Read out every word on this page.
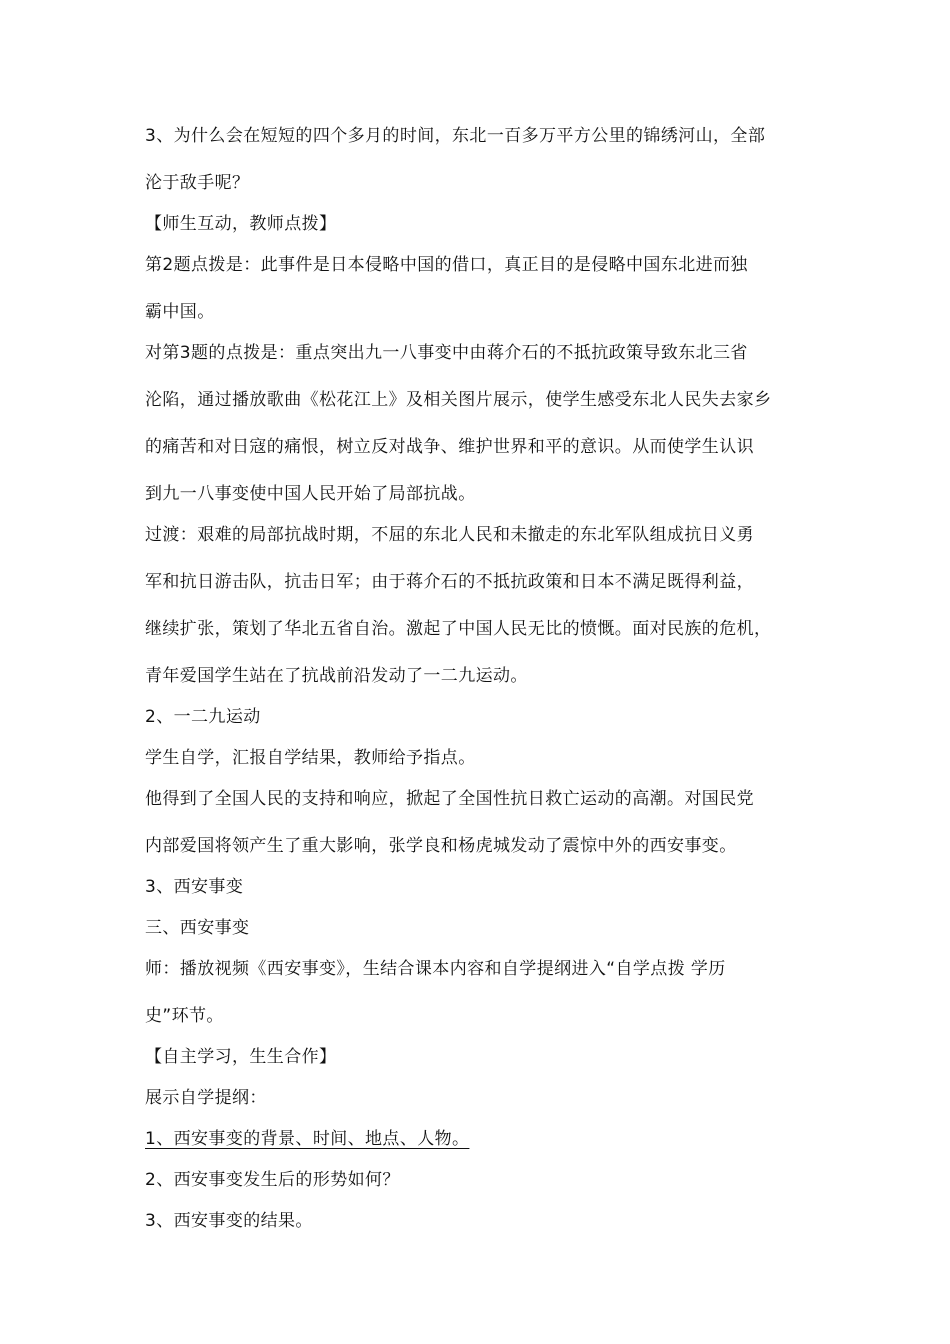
3、为什么会在短短的四个多月的时间，东北一百多万平方公里的锦绣河山，全部

沦于敌手呢？

【师生互动，教师点拨】

第2题点拨是：此事件是日本侵略中国的借口，真正目的是侵略中国东北进而独

霸中国。

对第3题的点拨是：重点突出九一八事变中由蒋介石的不抵抗政策导致东北三省

沦陷，通过播放歌曲《松花江上》及相关图片展示，使学生感受东北人民失去家乡

的痛苦和对日寇的痛恨，树立反对战争、维护世界和平的意识。从而使学生认识

到九一八事变使中国人民开始了局部抗战。

过渡：艰难的局部抗战时期，不屈的东北人民和未撤走的东北军队组成抗日义勇

军和抗日游击队，抗击日军；由于蒋介石的不抵抗政策和日本不满足既得利益，

继续扩张，策划了华北五省自治。激起了中国人民无比的愤慨。面对民族的危机，

青年爱国学生站在了抗战前沿发动了一二九运动。

2、一二九运动

学生自学，汇报自学结果，教师给予指点。

他得到了全国人民的支持和响应，掀起了全国性抗日救亡运动的高潮。对国民党

内部爱国将领产生了重大影响，张学良和杨虎城发动了震惊中外的西安事变。

3、西安事变

三、西安事变

师：播放视频《西安事变》，生结合课本内容和自学提纲进入“自学点拨 学历

史”环节。

【自主学习，生生合作】

展示自学提纲：

1、西安事变的背景、时间、地点、人物。

2、西安事变发生后的形势如何？

3、西安事变的结果。
